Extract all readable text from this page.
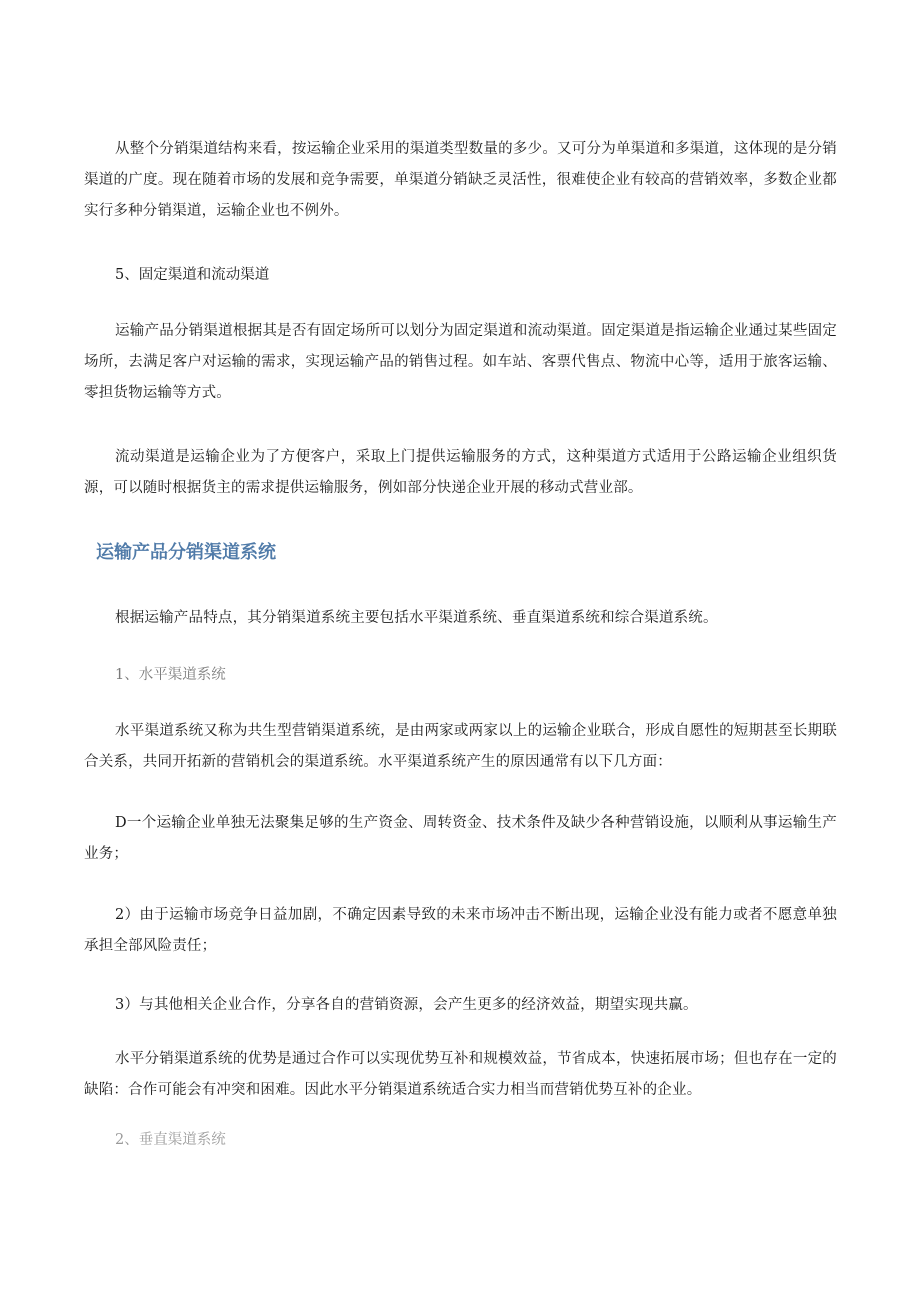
从整个分销渠道结构来看，按运输企业采用的渠道类型数量的多少。又可分为单渠道和多渠道，这体现的是分销渠道的广度。现在随着市场的发展和竞争需要，单渠道分销缺乏灵活性，很难使企业有较高的营销效率，多数企业都实行多种分销渠道，运输企业也不例外。

5、固定渠道和流动渠道

运输产品分销渠道根据其是否有固定场所可以划分为固定渠道和流动渠道。固定渠道是指运输企业通过某些固定场所，去满足客户对运输的需求，实现运输产品的销售过程。如车站、客票代售点、物流中心等，适用于旅客运输、零担货物运输等方式。

流动渠道是运输企业为了方便客户，采取上门提供运输服务的方式，这种渠道方式适用于公路运输企业组织货源，可以随时根据货主的需求提供运输服务，例如部分快递企业开展的移动式营业部。

运输产品分销渠道系统

根据运输产品特点，其分销渠道系统主要包括水平渠道系统、垂直渠道系统和综合渠道系统。

1、水平渠道系统

水平渠道系统又称为共生型营销渠道系统，是由两家或两家以上的运输企业联合，形成自愿性的短期甚至长期联合关系，共同开拓新的营销机会的渠道系统。水平渠道系统产生的原因通常有以下几方面：

D一个运输企业单独无法聚集足够的生产资金、周转资金、技术条件及缺少各种营销设施，以顺利从事运输生产业务；

2）由于运输市场竞争日益加剧，不确定因素导致的未来市场冲击不断出现，运输企业没有能力或者不愿意单独承担全部风险责任；

3）与其他相关企业合作，分享各自的营销资源，会产生更多的经济效益，期望实现共赢。

水平分销渠道系统的优势是通过合作可以实现优势互补和规模效益，节省成本，快速拓展市场；但也存在一定的缺陷：合作可能会有冲突和困难。因此水平分销渠道系统适合实力相当而营销优势互补的企业。

2、垂直渠道系统
